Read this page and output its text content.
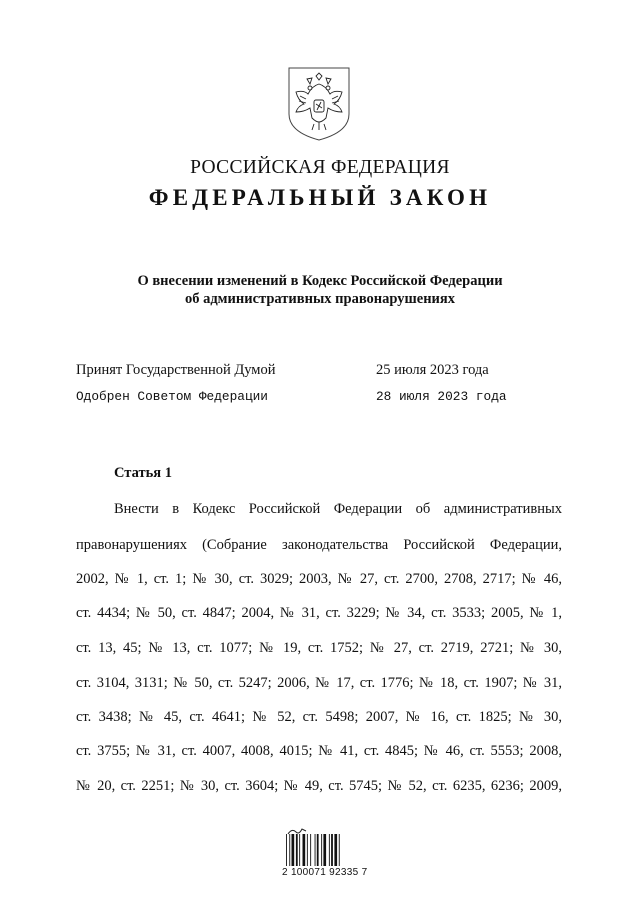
РОССИЙСКАЯ ФЕДЕРАЦИЯ
ФЕДЕРАЛЬНЫЙ ЗАКОН
О внесении изменений в Кодекс Российской Федерации
об административных правонарушениях
Принят Государственной Думой	25 июля 2023 года
Одобрен Советом Федерации	28 июля 2023 года
Статья 1
Внести в Кодекс Российской Федерации об административных
правонарушениях (Собрание законодательства Российской Федерации,
2002, № 1, ст. 1; № 30, ст. 3029; 2003, № 27, ст. 2700, 2708, 2717; № 46,
ст. 4434; № 50, ст. 4847; 2004, № 31, ст. 3229; № 34, ст. 3533; 2005, № 1,
ст. 13, 45; № 13, ст. 1077; № 19, ст. 1752; № 27, ст. 2719, 2721; № 30,
ст. 3104, 3131; № 50, ст. 5247; 2006, № 17, ст. 1776; № 18, ст. 1907; № 31,
ст. 3438; № 45, ст. 4641; № 52, ст. 5498; 2007, № 16, ст. 1825; № 30,
ст. 3755; № 31, ст. 4007, 4008, 4015; № 41, ст. 4845; № 46, ст. 5553; 2008,
№ 20, ст. 2251; № 30, ст. 3604; № 49, ст. 5745; № 52, ст. 6235, 6236; 2009,
2 100071 92335 7
